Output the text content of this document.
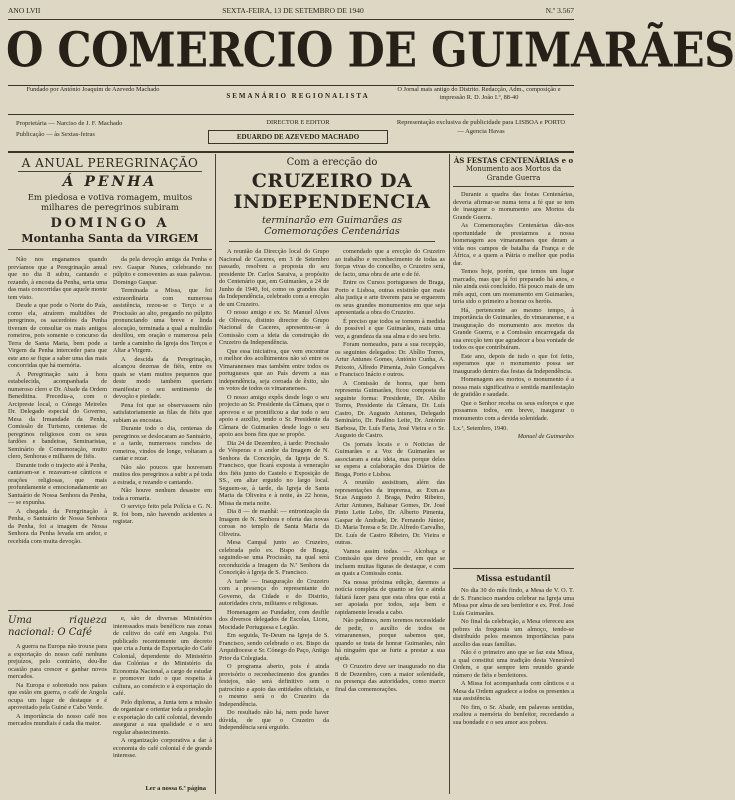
ANO LVII	SEXTA-FEIRA, 13 DE SETEMBRO DE 1940	N.º 3.567
O COMERCIO DE GUIMARÃES
Fundado por António Joaquim de Azevedo Machado
SEMANÁRIO REGIONALISTA
O Jornal mais antigo do Distrito. Redacção, Adm., composição e impressão R. D. João I.º, 88-40
Proprietária — Narciso de J. F. Machado
Publicação — às Sextas-feiras
DIRECTOR E EDITOR
EDUARDO DE AZEVEDO MACHADO
Representação exclusiva de publicidade para LISBOA e PORTO — Agencia Havas
A ANUAL PEREGRINAÇÃO
Á PENHA
Em piedosa e votiva romagem, muitos milhares de peregrinos subiram
DOMINGO A
Montanha Santa da VIRGEM

Não nos enganamos quando prevíamos que a Peregrinação anual que no dia 8 subiu, cantando e rezando, à encosta da Penha, seria uma das mais concorridas que aquele monte tem visto.

Desde a que pode o Norte do País, como ela, atraírem multidões de peregrinos, os sacerdotes da Penha tiveram de consultar os mais antigos romeiros, pois somente o concurso da Terra de Santa Maria, bem pode a Virgem da Penha interceder para que este ano se fique a saber uma das mais concorridas que há memória.

A Peregrinação saiu à hora estabelecida, acompanhada de numeroso clero e Dr. Abade da Ordem Beneditina. Precedia-a, com o Arcipreste local, o Cónego Meireles Dr. Delegado especial do Governo, Mesa da Irmandade da Penha, Comissão de Turismo, centenas de peregrinos religiosos com os seus fardões e bandeiras, Seminaristas, Seminário de Comemoração, muito clero, Senhoras e milhares de fiéis.

Durante todo o trajecto até à Penha, cantavam-se e rezavam-se cânticos e orações religiosas, que mais profundamente e emocionadamente ao Santuário de Nossa Senhora da Penha, — se expunha.

A chegada da Peregrinação à Penha, o Santuário de Nossa Senhora da Penha, foi a imagem de Nossa Senhora da Penha levada em andor, e recebida com muita devoção.

da pela devoção amiga da Penha e rev. Gaspar Nunes, celebrando no púlpito e comoventes as suas palavras. Domingo Gaspar.

Terminada a Missa, que foi extraordinária com numerosa assistência, rezou-se o Terço e a Procissão ao alto, pregando no púlpito pronunciando uma breve e linda alocução, terminada a qual a multidão desfilou, em oração e numerosa pela tarde a caminho da Igreja dos Terços e Altar a Virgem.

A descida da Peregrinação, alcançou dezenas de fiéis, entre os quais se viam muitos pequenos que deste modo também queriam manifestar o seu sentimento de devoção e piedade.

Pena foi que se observassem não satisfatoriamente as filas de fiéis que subiam as encostas.

Durante todo o dia, centenas de peregrinos se deslocaram ao Santuário, e a tarde, numerosos ranchos de romeiros, vindos de longe, voltaram a cantar e rezar.

Não são poucos que houveram muitos dos peregrinos a subir a pé toda a estrada, e rezando e cantando.

Não houve nenhum desastre em toda a romaria.

O serviço feito pela Polícia e G. N. R. foi bom, não havendo acidentes a registar.

Uma riqueza nacional: O Café

A guerra na Europa não trouxe para a exportação do nosso café nenhuns prejuízos, pelo contrário, deu-lhe ocasião para crescer e ganhar novos mercados.

Na Europa e sobretudo nos países que estão em guerra, o café de Angola ocupa um lugar de destaque e é aproveitado pela Guiné e Cabo Verde.

A importância do nosso café nos mercados mundiais é cada dia maior.

e, são de diversas Ministérios interessados mais benéficos nas zonas de cultivo do café em Angola. Foi publicado recentemente um decreto que cria a Junta de Exportação do Café Colonial, dependente do Ministério das Colónias e do Ministério da Economia Nacional, a cargo de estudar e promover tudo o que respeita à cultura, ao comércio e à exportação do café.

Pelo diploma, a Junta tem a missão de organizar e orientar toda a produção e exportação do café colonial, devendo assegurar a sua qualidade e o seu regular abastecimento.

A organização corporativa a dar à economia do café colonial é de grande interesse.

Ler a nossa 6.ª página
Com a erecção do
CRUZEIRO DA INDEPENDENCIA
terminarão em Guimarães as Comemorações Centenárias

A reunião da Direcção local do Grupo Nacional de Caceres, em 3 de Setembro passado, resolveu a proposta do seu presidente Dr. Carlos Saraiva, a propósito do Centenário que, em Guimarães, a 24 de Junho de 1940, foi, como os grandes dias da Independência, celebrado com a erecção de um Cruzeiro.

O nosso amigo e ex. Sr. Manuel Alves de Oliveira, distinto director do Grupo Nacional de Caceres, apresentou-se à Comissão com a ideia da construção do Cruzeiro da Independência.

Que essa iniciativa, que vem encontrar o melhor dos acolhimentos não só entre os Vimaranenses mas também entre todos os portugueses que ao País devem a sua independência, seja coroada de êxito, são os votos de todos os vimaranenses.

O nosso amigo expôs desde logo o seu projecto ao Sr. Presidente da Câmara, que o aprovou e se prontificou a dar todo o seu apoio e auxílio, tendo o Sr. Presidente da Câmara de Guimarães desde logo o seu apoio aos bons fins que se propõe.

Dia 24 de Dezembro, à tarde: Procissão de Vésperas e o andor da Imagem de N. Senhora da Conceição, da Igreja de S. Francisco, que ficará exposta à veneração dos fiéis junto do Castelo e Exposição de SS., em altar erguido no largo local. Seguem-se, à tarde, da Igreja de Santa Maria da Oliveira e à noite, às 22 horas, Missa da meia noite.

Dia 8 — de manhã: — entronização da Imagem de N. Senhora e oferta das novas coroas no templo de Santa Maria da Oliveira.

Mesa Campal junto ao Cruzeiro, celebrada pelo ex. Bispo de Braga, seguindo-se uma Procissão, na qual será reconduzida a Imagem da N.ª Senhora da Conceição à Igreja de S. Francisco.

A tarde — Inauguração do Cruzeiro com a presença do representante do Governo, da Cidade e do Distrito, autoridades civis, militares e religiosas.

Homenagem ao Fundador, com desfile dos diversos delegados de Escolas, Liceu, Mocidade Portuguesa e Legião.

Em seguida, Te-Deum na Igreja de S. Francisco, sendo celebrado o ex. Bispo da Arquidiocese e Sr. Cónego do Paço, Antigo Prior da Colegiada.

O programa aberto, pois é ainda provisório o reconhecimento dos grandes festejos, não será definitivo sem o patrocínio e apoio das entidades oficiais, e o mesmo será o do Cruzeiro da Independência.

Do resultado não há, nem pode haver dúvida, de que o Cruzeiro da Independência será erguido.

comendado que a erecção do Cruzeiro ao trabalho e reconhecimento de todas as forças vivas do concelho, o Cruzeiro será, de facto, uma obra de arte e de fé.

Entre os Cursos portugueses de Braga, Porto e Lisboa, outras existirão que mais alta justiça e arte tiverem para se erguerem os seus grandes monumentos em que seja apresentada a obra do Cruzeiro.

É preciso que todos se tornem à medida do possível e que Guimarães, mais uma vez, a grandeza da sua alma e do seu brio.

Foram nomeados, para a sua recepção, os seguintes delegados: Dr. Abílio Torres, Artur Antunes Gomes, António Cunha, A. Peixoto, Alfredo Pimenta, João Gonçalves e Francisco Inácio e outros.

A Comissão de honra, que bem representa Guimarães, ficou composta da seguinte forma: Presidente, Dr. Abílio Torres, Presidente da Câmara, Dr. Luís Castro, Dr. Augusto Antunes, Delegado Seminário, Dr. Paulino Leite, Dr. António Barbosa, Dr. Luís Faria, José Vieira e o Sr. Augusto de Castro.

Os jornais locais e o Noticias de Guimarães e a Voz de Guimarães se associaram a esta ideia, mas porque deles se espera a colaboração dos Diários de Braga, Porto e Lisboa.

A reunião assistiram, além das representações da imprensa, as Exm.as Sr.as Augusto J. Braga, Pedro Ribeiro, Artur Antunes, Baltasar Gomes, Dr. José Pinto Leite Lobo, Dr. Alberto Pimenta, Gaspar de Andrade, Dr. Fernando Júnior, D. Maria Teresa e Sr. Dr. Alfredo Carvalho, Dr. Luís de Castro Ribeiro, Dr. Vieira e outras.

Vamos assim todas. — Alcobaça e Comissão que deve presidir, em que se incluem muitas figuras de destaque, e com as quais a Comissão conta.

Na nossa próxima edição, daremos a notícia completa de quanto se fez e ainda faltará fazer para que esta obra que está a ser apoiada por todos, seja bem e rapidamente levada a cabo.

Não pedimos, nem teremos necessidade de pedir, o auxílio de todos os vimaranenses, porque sabemos que, quando se trata de honrar Guimarães, não há ninguém que se furte a prestar a sua ajuda.

O Cruzeiro deve ser inaugurado no dia 8 de Dezembro, com a maior solenidade, na presença das autoridades, como marco final das comemorações.

ÀS FESTAS CENTENÁRIAS e o
Monumento aos Mortos da Grande Guerra

Durante a quadra das festas Centenárias, deveria afirmar-se numa terra a fé que se tem de inaugurar o monumento aos Mortos da Grande Guerra.

As Comemorações Centenárias dão-nos oportunidade de prestarmos a nossa homenagem aos vimaranenses que deram a vida nos campos de batalha da França e de África, e a quem a Pátria o melhor que podia dar.

Temos hoje, porém, que temos um lugar marcado, mas que já foi preparado há anos, e não ainda está concluído. Há pouco mais de um mês aqui, com um monumento em Guimarães, teria sido o primeiro a honrar os heróis.

Há, pertencente ao mesmo tempo, à importância do Guimarães, do vimaranense, e a inauguração do monumento aos mortos da Grande Guerra, e a Comissão encarregada da sua erecção tem que agradecer a boa vontade de todos os que contribuíram.

Este ano, depois de tudo o que foi feito, esperamos que o monumento possa ser inaugurado dentro das festas da Independência.

Homenagem aos mortos, o monumento é a nossa mais significativa e sentida manifestação de gratidão e saudade.

Que o Senhor receba os seus esforços e que possamos todos, em breve, inaugurar o monumento com a devida solenidade.

Lx.ª, Setembro, 1940.
Manuel de Guimarães
Missa estudantil

No dia 30 do mês findo, a Mesa de V. O. T. de S. Francisco mandou celebrar na Igreja uma Missa por alma de seu benfeitor e ex. Prof. José Luís Guimarães.

No final da celebração, a Mesa ofereceu aos pobres da freguesia um almoço, tendo-se distribuído pelos mesmos importâncias para auxílio das suas famílias.

Não é o primeiro ano que se faz esta Missa, a qual constitui uma tradição desta Venerável Ordem, e que sempre tem reunido grande número de fiéis e benfeitores.

A Missa foi acompanhada com cânticos e a Mesa da Ordem agradece a todos os presentes a sua assistência.

No fim, o Sr. Abade, em palavras sentidas, exaltou a memória do benfeitor, recordando a sua bondade e o seu amor aos pobres.
